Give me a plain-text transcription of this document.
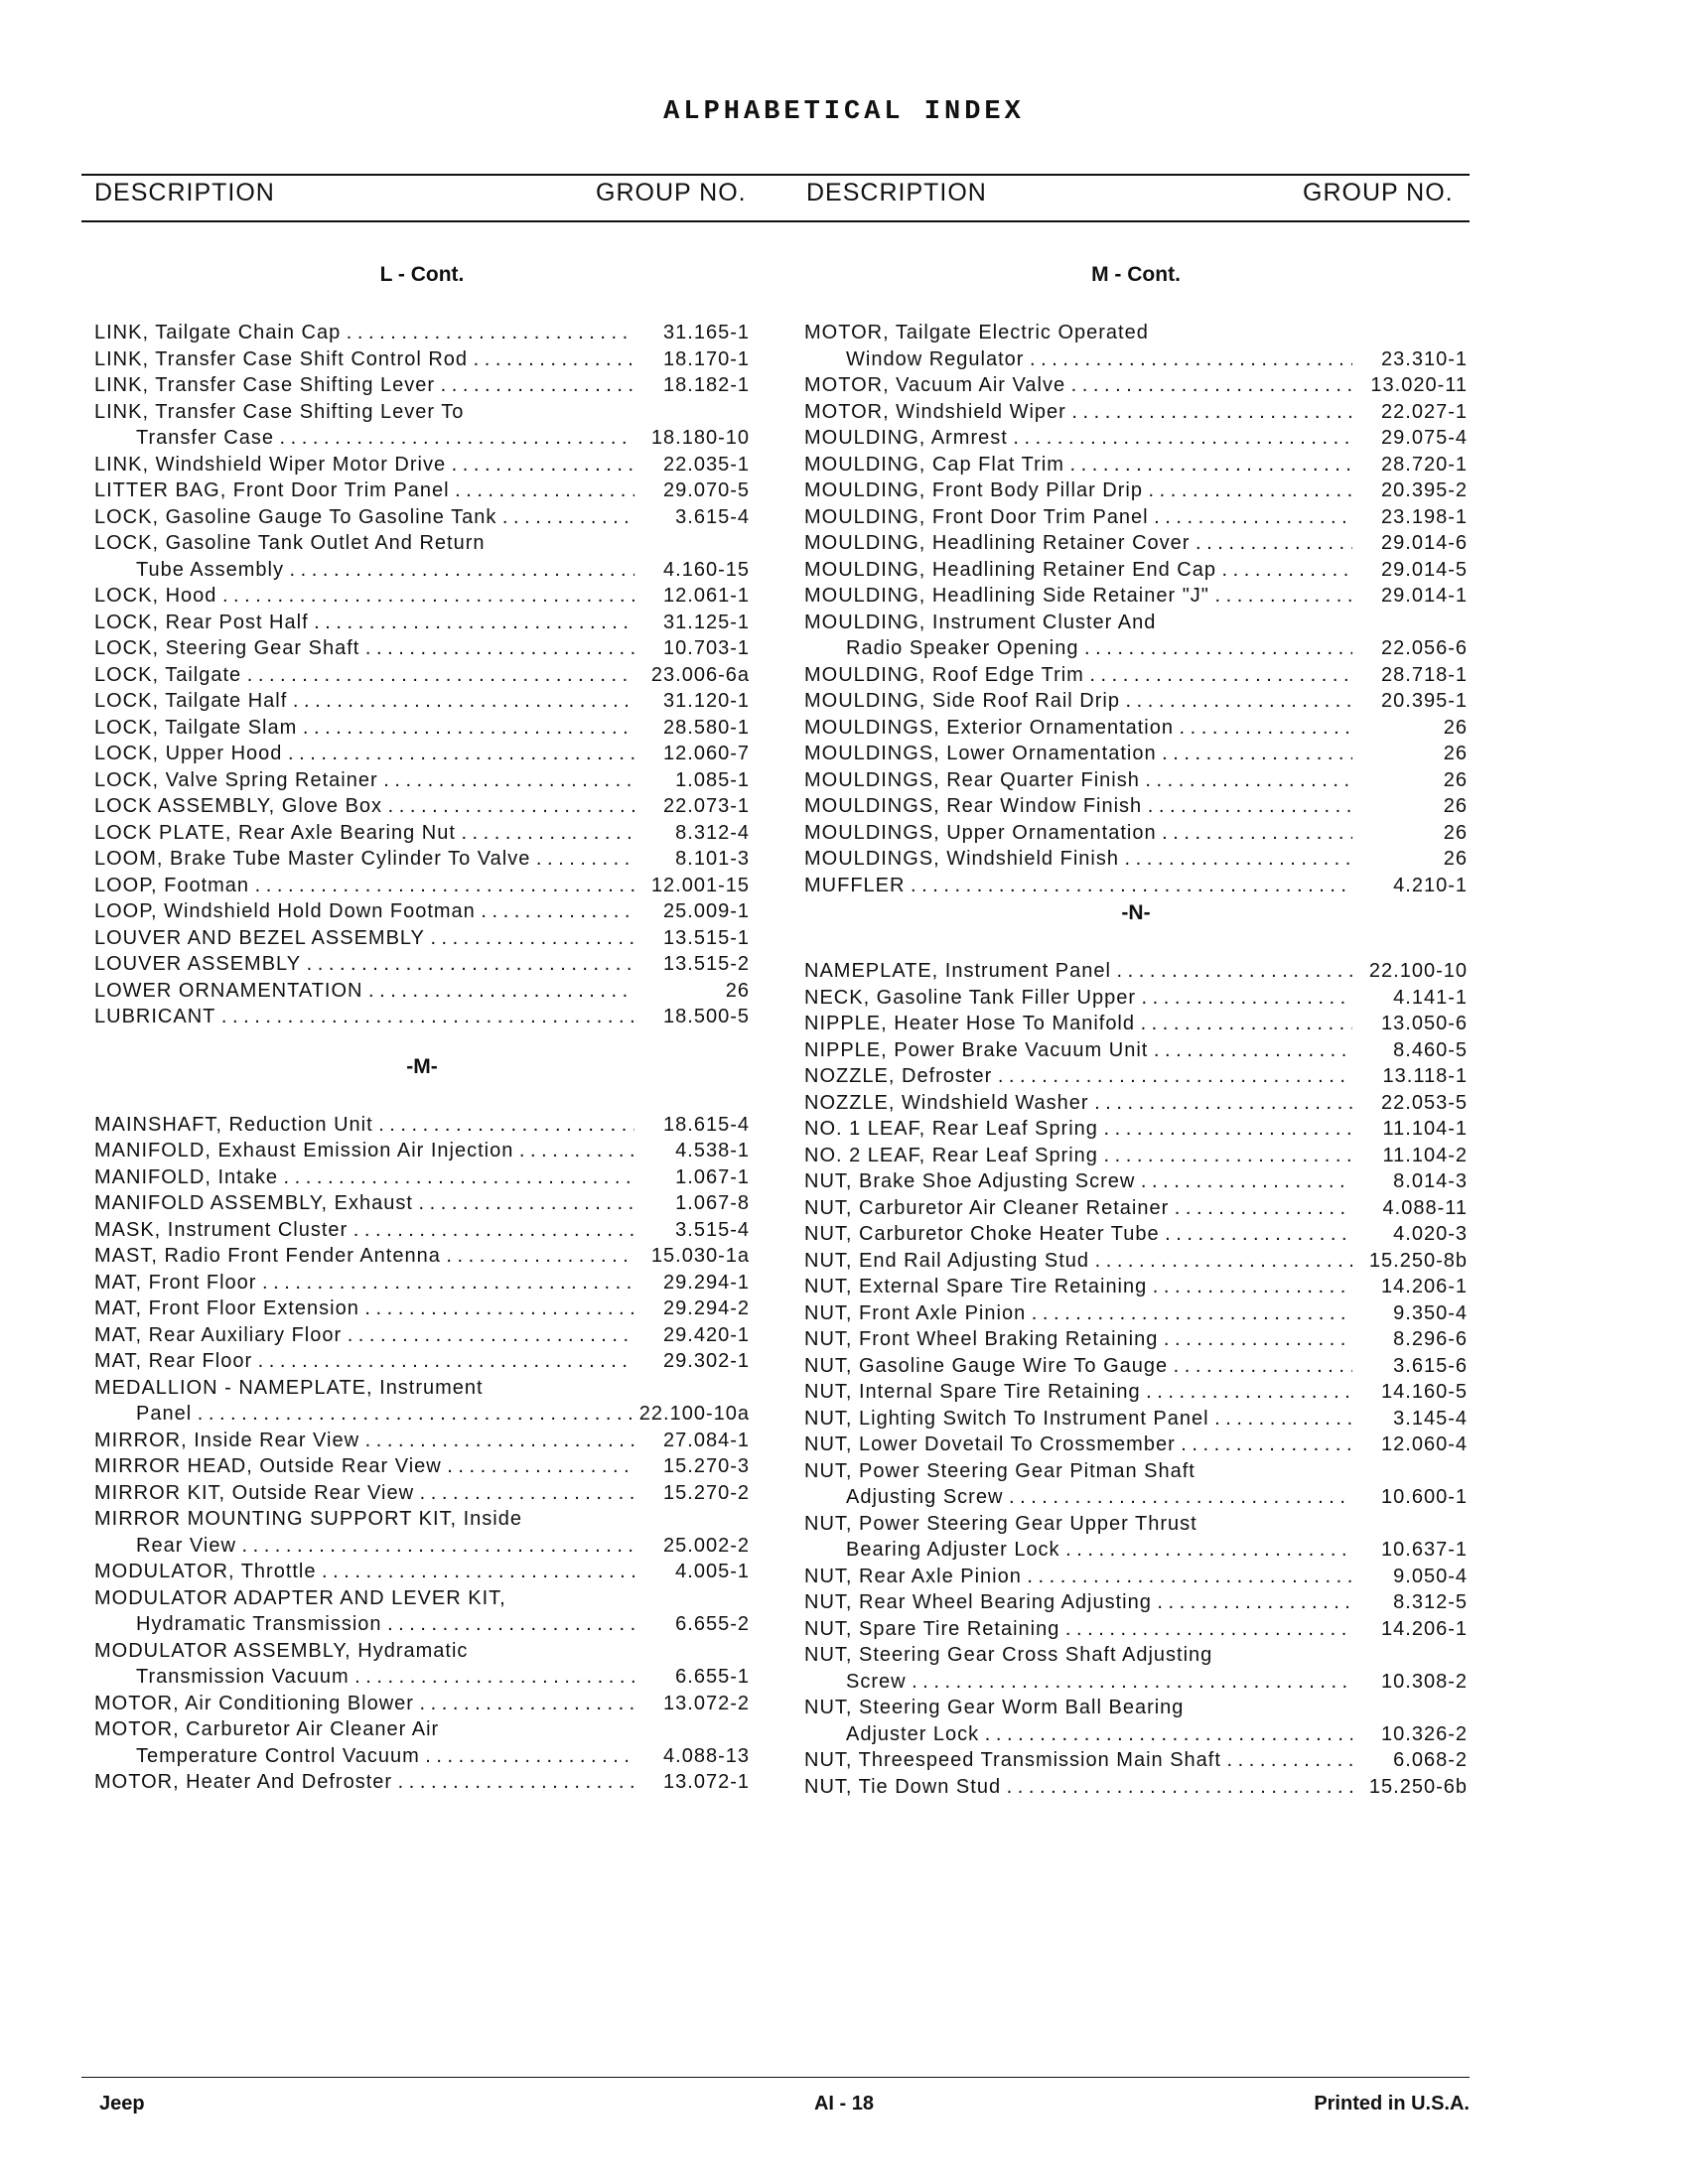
ALPHABETICAL INDEX
DESCRIPTION	GROUP NO. DESCRIPTION	GROUP NO.
L - Cont.
LINK, Tailgate Chain Cap . . .	31.165-1
LINK, Transfer Case Shift Control Rod . . .	18.170-1
LINK, Transfer Case Shifting Lever . . .	18.182-1
LINK, Transfer Case Shifting Lever To
Transfer Case . . .	18.180-10
LINK, Windshield Wiper Motor Drive . . .	22.035-1
LITTER BAG, Front Door Trim Panel . . .	29.070-5
LOCK, Gasoline Gauge To Gasoline Tank . . .	3.615-4
LOCK, Gasoline Tank Outlet And Return
Tube Assembly . . .	4.160-15
LOCK, Hood . . .	12.061-1
LOCK, Rear Post Half . . .	31.125-1
LOCK, Steering Gear Shaft . . .	10.703-1
LOCK, Tailgate . . .	23.006-6a
LOCK, Tailgate Half . . .	31.120-1
LOCK, Tailgate Slam . . .	28.580-1
LOCK, Upper Hood . . .	12.060-7
LOCK, Valve Spring Retainer . . .	1.085-1
LOCK ASSEMBLY, Glove Box . . .	22.073-1
LOCK PLATE, Rear Axle Bearing Nut . . .	8.312-4
LOOM, Brake Tube Master Cylinder To Valve . . .	8.101-3
LOOP, Footman . . .	12.001-15
LOOP, Windshield Hold Down Footman . . .	25.009-1
LOUVER AND BEZEL ASSEMBLY . . .	13.515-1
LOUVER ASSEMBLY . . .	13.515-2
LOWER ORNAMENTATION . . .	26
LUBRICANT . . .	18.500-5
-M-
MAINSHAFT, Reduction Unit . . .	18.615-4
MANIFOLD, Exhaust Emission Air Injection . . .	4.538-1
MANIFOLD, Intake . . .	1.067-1
MANIFOLD ASSEMBLY, Exhaust . . .	1.067-8
MASK, Instrument Cluster . . .	3.515-4
MAST, Radio Front Fender Antenna . . .	15.030-1a
MAT, Front Floor . . .	29.294-1
MAT, Front Floor Extension . . .	29.294-2
MAT, Rear Auxiliary Floor . . .	29.420-1
MAT, Rear Floor . . .	29.302-1
MEDALLION - NAMEPLATE, Instrument
Panel . . .	22.100-10a
MIRROR, Inside Rear View . . .	27.084-1
MIRROR HEAD, Outside Rear View . . .	15.270-3
MIRROR KIT, Outside Rear View . . .	15.270-2
MIRROR MOUNTING SUPPORT KIT, Inside
Rear View . . .	25.002-2
MODULATOR, Throttle . . .	4.005-1
MODULATOR ADAPTER AND LEVER KIT,
Hydramatic Transmission . . .	6.655-2
MODULATOR ASSEMBLY, Hydramatic
Transmission Vacuum . . .	6.655-1
MOTOR, Air Conditioning Blower . . .	13.072-2
MOTOR, Carburetor Air Cleaner Air
Temperature Control Vacuum . . .	4.088-13
MOTOR, Heater And Defroster . . .	13.072-1
M - Cont.
MOTOR, Tailgate Electric Operated
Window Regulator . . .	23.310-1
MOTOR, Vacuum Air Valve . . .	13.020-11
MOTOR, Windshield Wiper . . .	22.027-1
MOULDING, Armrest . . .	29.075-4
MOULDING, Cap Flat Trim . . .	28.720-1
MOULDING, Front Body Pillar Drip . . .	20.395-2
MOULDING, Front Door Trim Panel . . .	23.198-1
MOULDING, Headlining Retainer Cover . . .	29.014-6
MOULDING, Headlining Retainer End Cap . . .	29.014-5
MOULDING, Headlining Side Retainer "J" . . .	29.014-1
MOULDING, Instrument Cluster And
Radio Speaker Opening . . .	22.056-6
MOULDING, Roof Edge Trim . . .	28.718-1
MOULDING, Side Roof Rail Drip . . .	20.395-1
MOULDINGS, Exterior Ornamentation . . .	26
MOULDINGS, Lower Ornamentation . . .	26
MOULDINGS, Rear Quarter Finish . . .	26
MOULDINGS, Rear Window Finish . . .	26
MOULDINGS, Upper Ornamentation . . .	26
MOULDINGS, Windshield Finish . . .	26
MUFFLER . . .	4.210-1
-N-
NAMEPLATE, Instrument Panel . . .	22.100-10
NECK, Gasoline Tank Filler Upper . . .	4.141-1
NIPPLE, Heater Hose To Manifold . . .	13.050-6
NIPPLE, Power Brake Vacuum Unit . . .	8.460-5
NOZZLE, Defroster . . .	13.118-1
NOZZLE, Windshield Washer . . .	22.053-5
NO. 1 LEAF, Rear Leaf Spring . . .	11.104-1
NO. 2 LEAF, Rear Leaf Spring . . .	11.104-2
NUT, Brake Shoe Adjusting Screw . . .	8.014-3
NUT, Carburetor Air Cleaner Retainer . . .	4.088-11
NUT, Carburetor Choke Heater Tube . . .	4.020-3
NUT, End Rail Adjusting Stud . . .	15.250-8b
NUT, External Spare Tire Retaining . . .	14.206-1
NUT, Front Axle Pinion . . .	9.350-4
NUT, Front Wheel Braking Retaining . . .	8.296-6
NUT, Gasoline Gauge Wire To Gauge . . .	3.615-6
NUT, Internal Spare Tire Retaining . . .	14.160-5
NUT, Lighting Switch To Instrument Panel . . .	3.145-4
NUT, Lower Dovetail To Crossmember . . .	12.060-4
NUT, Power Steering Gear Pitman Shaft
Adjusting Screw . . .	10.600-1
NUT, Power Steering Gear Upper Thrust
Bearing Adjuster Lock . . .	10.637-1
NUT, Rear Axle Pinion . . .	9.050-4
NUT, Rear Wheel Bearing Adjusting . . .	8.312-5
NUT, Spare Tire Retaining . . .	14.206-1
NUT, Steering Gear Cross Shaft Adjusting
Screw . . .	10.308-2
NUT, Steering Gear Worm Ball Bearing
Adjuster Lock . . .	10.326-2
NUT, Threespeed Transmission Main Shaft . . .	6.068-2
NUT, Tie Down Stud . . .	15.250-6b
Jeep	AI - 18	Printed in U.S.A.
